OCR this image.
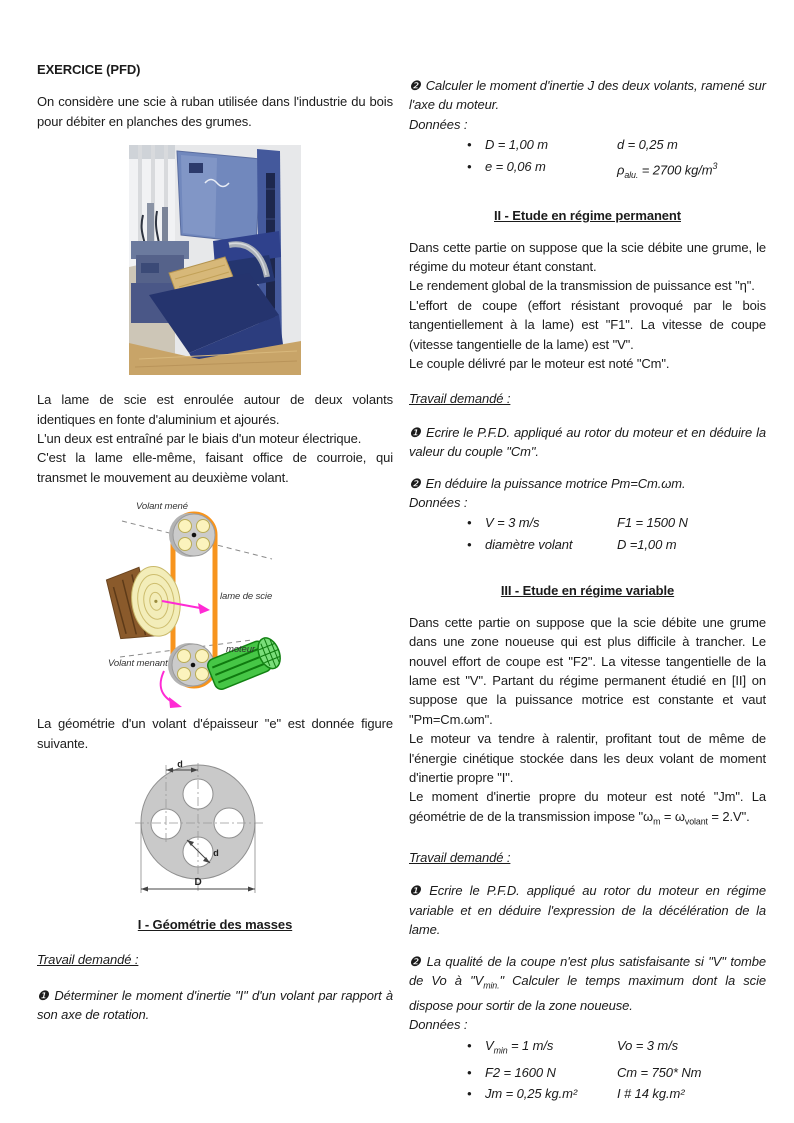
EXERCICE (PFD)

On considère une scie à ruban utilisée dans l'industrie du bois pour débiter en planches des grumes.

La lame de scie est enroulée autour de deux volants identiques en fonte d'aluminium et ajourés.

L'un deux est entraîné par le biais d'un moteur électrique.

C'est la lame elle-même, faisant office de courroie, qui transmet le mouvement au deuxième volant.

Volant mené
lame de scie
moteur
Volant menant

La géométrie d'un volant d'épaisseur "e" est donnée figure suivante.

d
d
D
I - Géométrie des masses
Travail demandé :

❶ Déterminer le moment d'inertie "I" d'un volant par rapport à son axe de rotation.

❷ Calculer le moment d'inertie J des deux volants, ramené sur l'axe du moteur.

Données :
•	D = 1,00 m	d = 0,25 m
•	e = 0,06 m	$\rho_{alu.} = 2700$ $kg/m^3$
II - Etude en régime permanent

Dans cette partie on suppose que la scie débite une grume, le régime du moteur étant constant.

Le rendement global de la transmission de puissance est "η".

L'effort de coupe (effort résistant provoqué par le bois tangentiellement à la lame) est "F1". La vitesse de coupe (vitesse tangentielle de la lame) est "V".

Le couple délivré par le moteur est noté "Cm".

Travail demandé :

❶ Ecrire le P.F.D. appliqué au rotor du moteur et en déduire la valeur du couple "Cm".

❷ En déduire la puissance motrice Pm=Cm.ωm.

Données :
•	V = 3 m/s	F1 = 1500 N
•	diamètre volant	D =1,00 m
III - Etude en régime variable

Dans cette partie on suppose que la scie débite une grume dans une zone noueuse qui est plus difficile à trancher. Le nouvel effort de coupe est "F2". La vitesse tangentielle de la lame est "V". Partant du régime permanent étudié en [II] on suppose que la puissance motrice est constante et vaut "Pm=Cm.ωm".

Le moteur va tendre à ralentir, profitant tout de même de l'énergie cinétique stockée dans les deux volant de moment d'inertie propre "I".

Le moment d'inertie propre du moteur est noté "Jm". La géométrie de de la transmission impose "$\omega_m = \omega_{volant} = 2.V$".

Travail demandé :

❶ Ecrire le P.F.D. appliqué au rotor du moteur en régime variable et en déduire l'expression de la décélération de la lame.

❷ La qualité de la coupe n'est plus satisfaisante si "V" tombe de Vo à "$V_{min.}$" Calculer le temps maximum dont la scie dispose pour sortir de la zone noueuse.

Données :
•	$V_{min} = 1$ m/s	Vo = 3 m/s
•	F2 = 1600 N	Cm = 750* Nm
•	Jm = 0,25 kg.m²	I # 14 kg.m²
